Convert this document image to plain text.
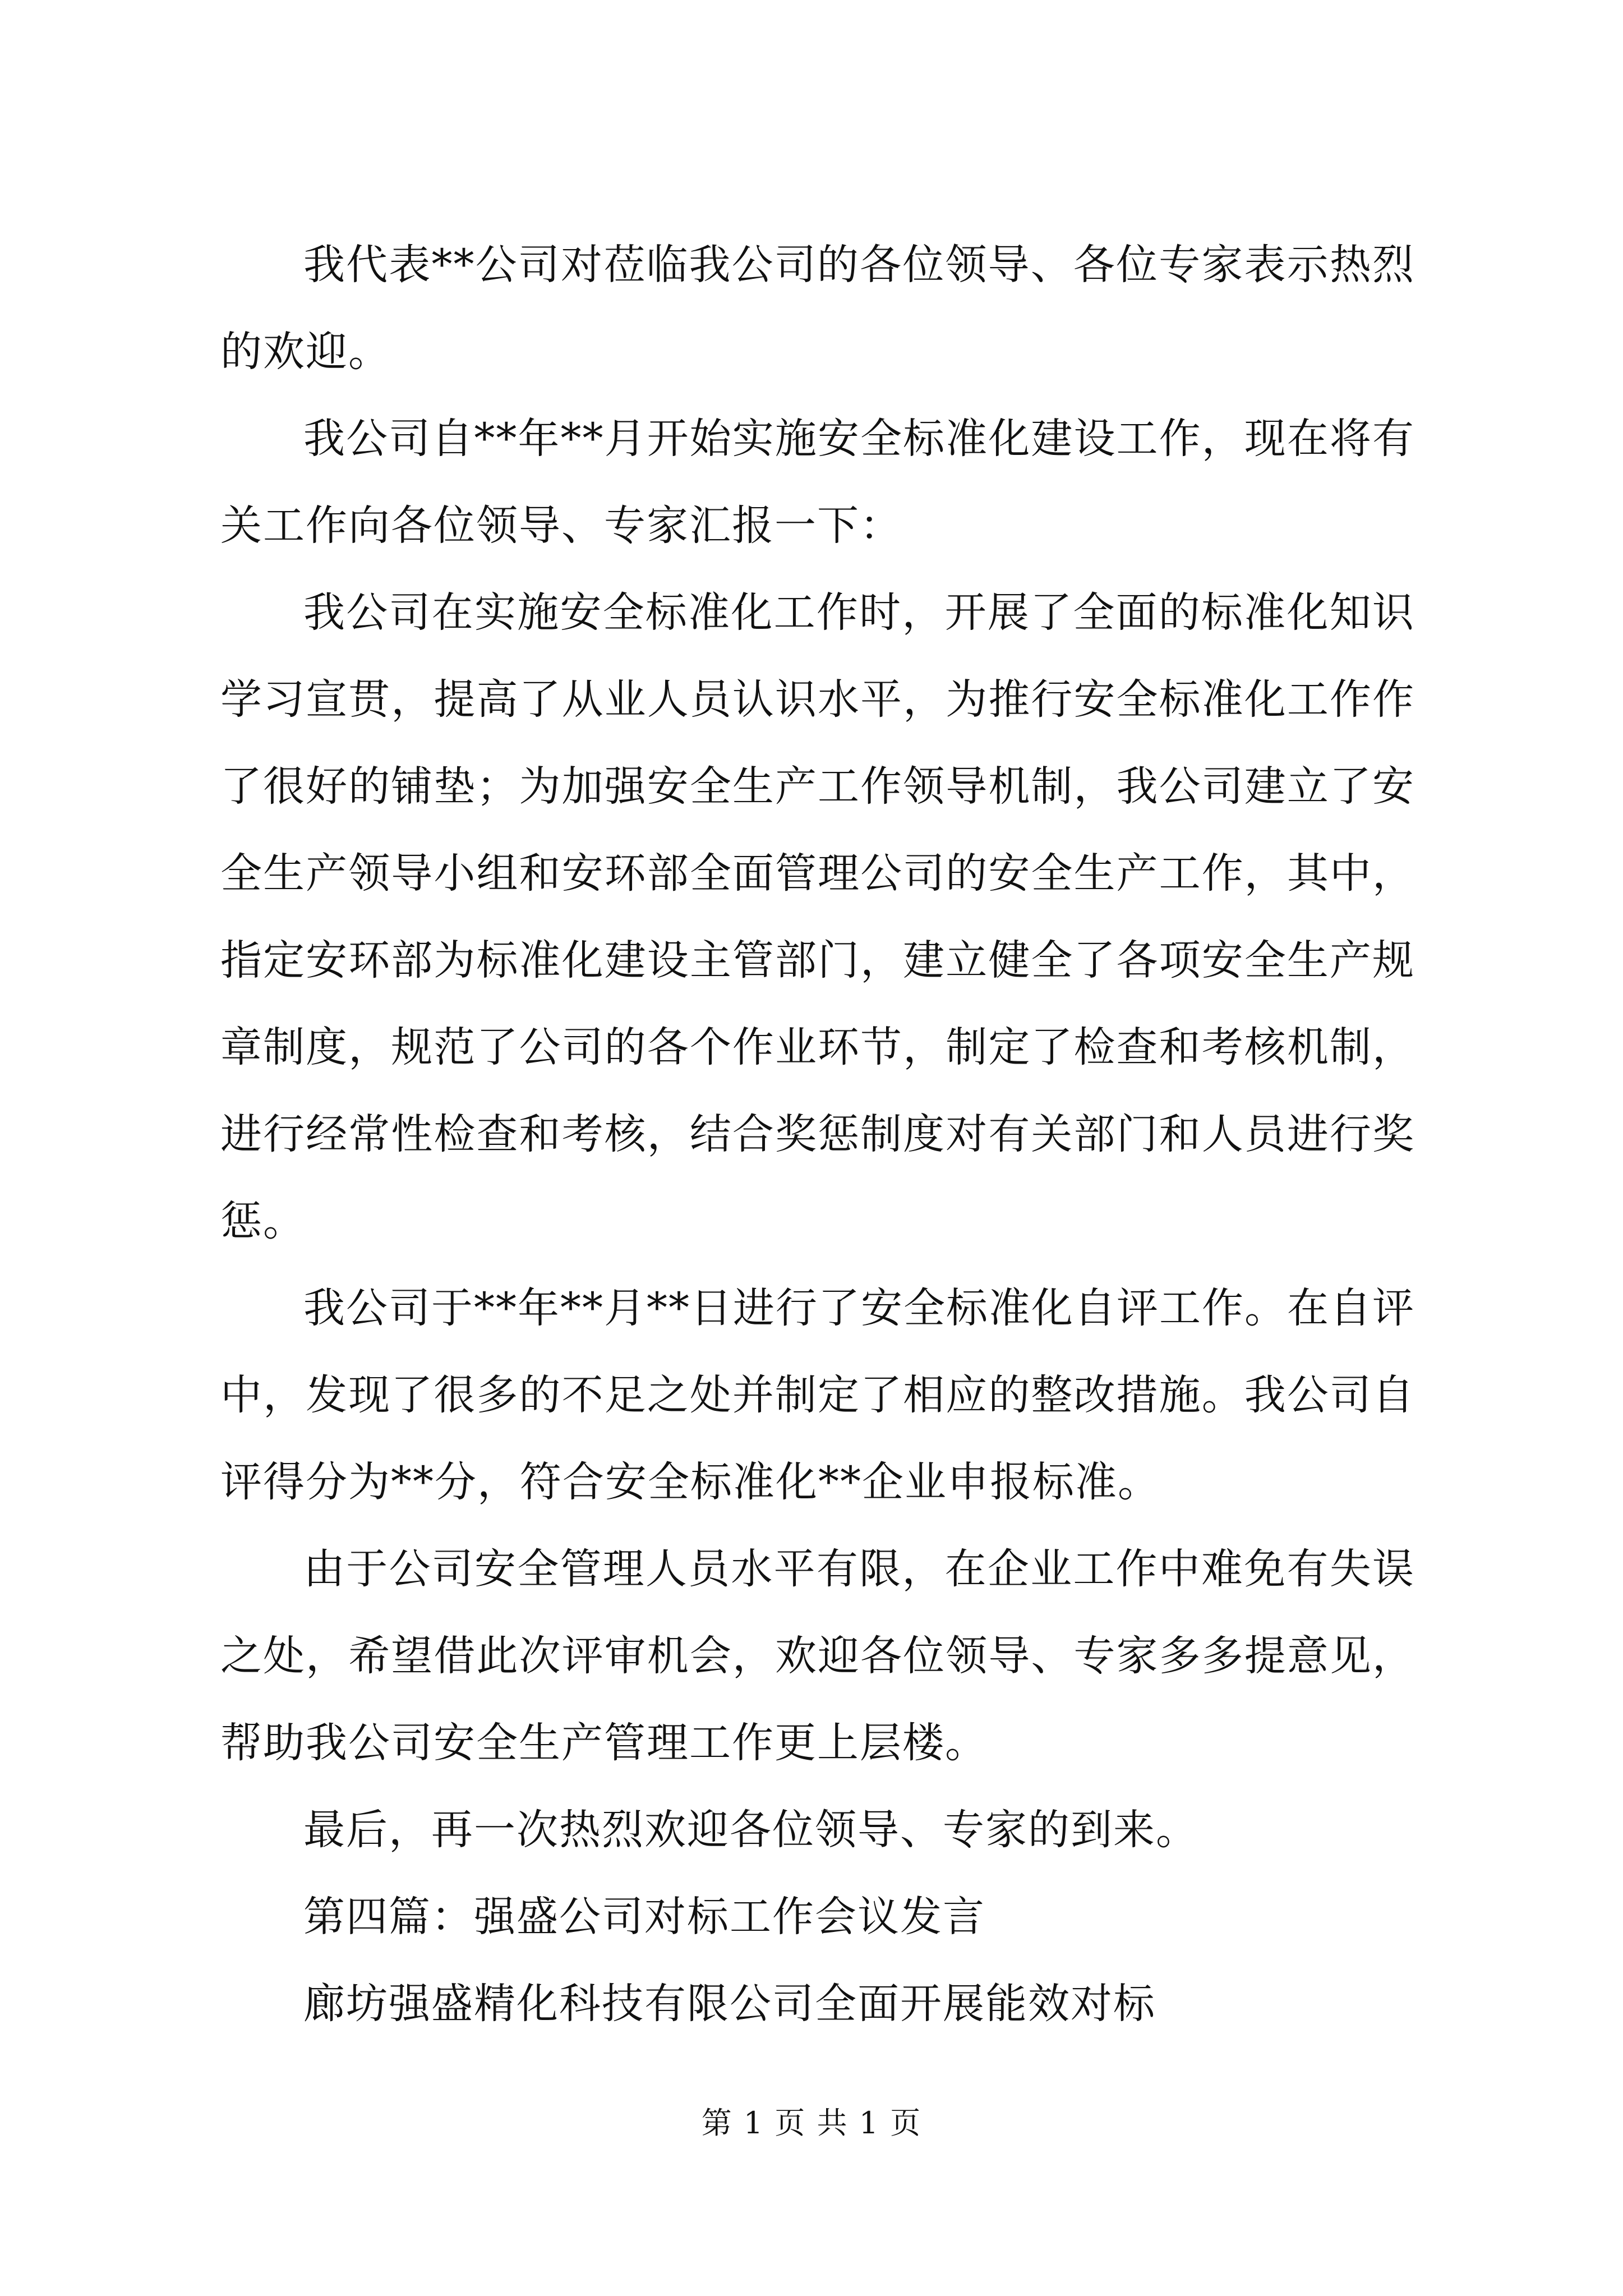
我代表**公司对莅临我公司的各位领导、各位专家表示热烈的欢迎。

我公司自**年**月开始实施安全标准化建设工作，现在将有关工作向各位领导、专家汇报一下：

我公司在实施安全标准化工作时，开展了全面的标准化知识学习宣贯，提高了从业人员认识水平，为推行安全标准化工作作了很好的铺垫；为加强安全生产工作领导机制，我公司建立了安全生产领导小组和安环部全面管理公司的安全生产工作，其中，指定安环部为标准化建设主管部门，建立健全了各项安全生产规章制度，规范了公司的各个作业环节，制定了检查和考核机制，进行经常性检查和考核，结合奖惩制度对有关部门和人员进行奖惩。

我公司于**年**月**日进行了安全标准化自评工作。在自评中，发现了很多的不足之处并制定了相应的整改措施。我公司自评得分为**分，符合安全标准化**企业申报标准。

由于公司安全管理人员水平有限，在企业工作中难免有失误之处，希望借此次评审机会，欢迎各位领导、专家多多提意见，帮助我公司安全生产管理工作更上层楼。

最后，再一次热烈欢迎各位领导、专家的到来。

第四篇：强盛公司对标工作会议发言

廊坊强盛精化科技有限公司全面开展能效对标

第 1 页 共 1 页
